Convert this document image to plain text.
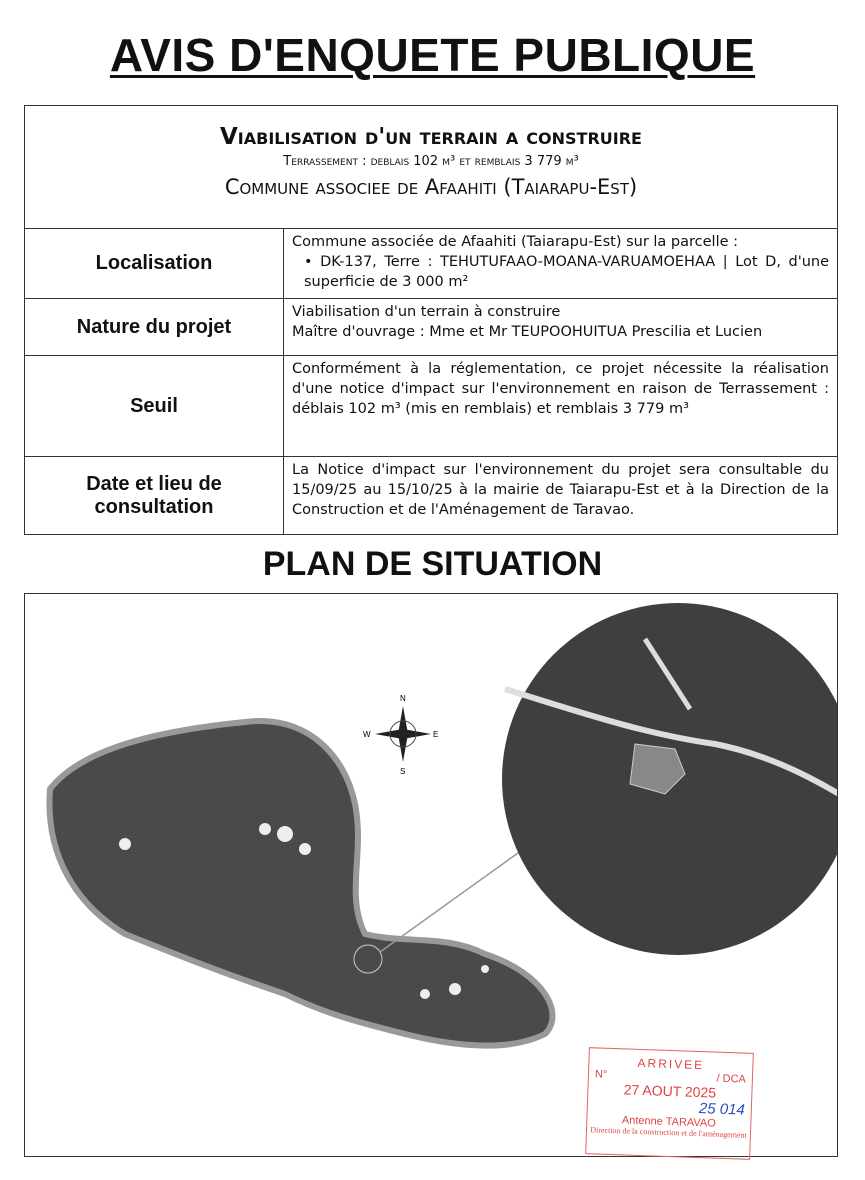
AVIS D'ENQUETE PUBLIQUE
Viabilisation d'un terrain a construire
Terrassement : deblais 102 m³ et remblais 3 779 m³
Commune associee de Afaahiti (Taiarapu-Est)
Localisation
Commune associée de Afaahiti (Taiarapu-Est) sur la parcelle :
• DK-137, Terre : TEHUTUFAAO-MOANA-VARUAMOEHAA | Lot D, d'une superficie de 3 000 m²
Nature du projet
Viabilisation d'un terrain à construire
Maître d'ouvrage : Mme et Mr TEUPOOHUITUA Prescilia et Lucien
Seuil
Conformément à la réglementation, ce projet nécessite la réalisation d'une notice d'impact sur l'environnement en raison de Terrassement : déblais 102 m³ (mis en remblais) et remblais 3 779 m³
Date et lieu de consultation
La Notice d'impact sur l'environnement du projet sera consultable du 15/09/25 au 15/10/25 à la mairie de Taiarapu-Est et à la Direction de la Construction et de l'Aménagement de Taravao.
PLAN DE SITUATION
N
E
S
W
ARRIVEE
N°	/ DCA
27 AOUT 2025
25 014
Antenne TARAVAO
Direction de la construction et de l'aménagement
